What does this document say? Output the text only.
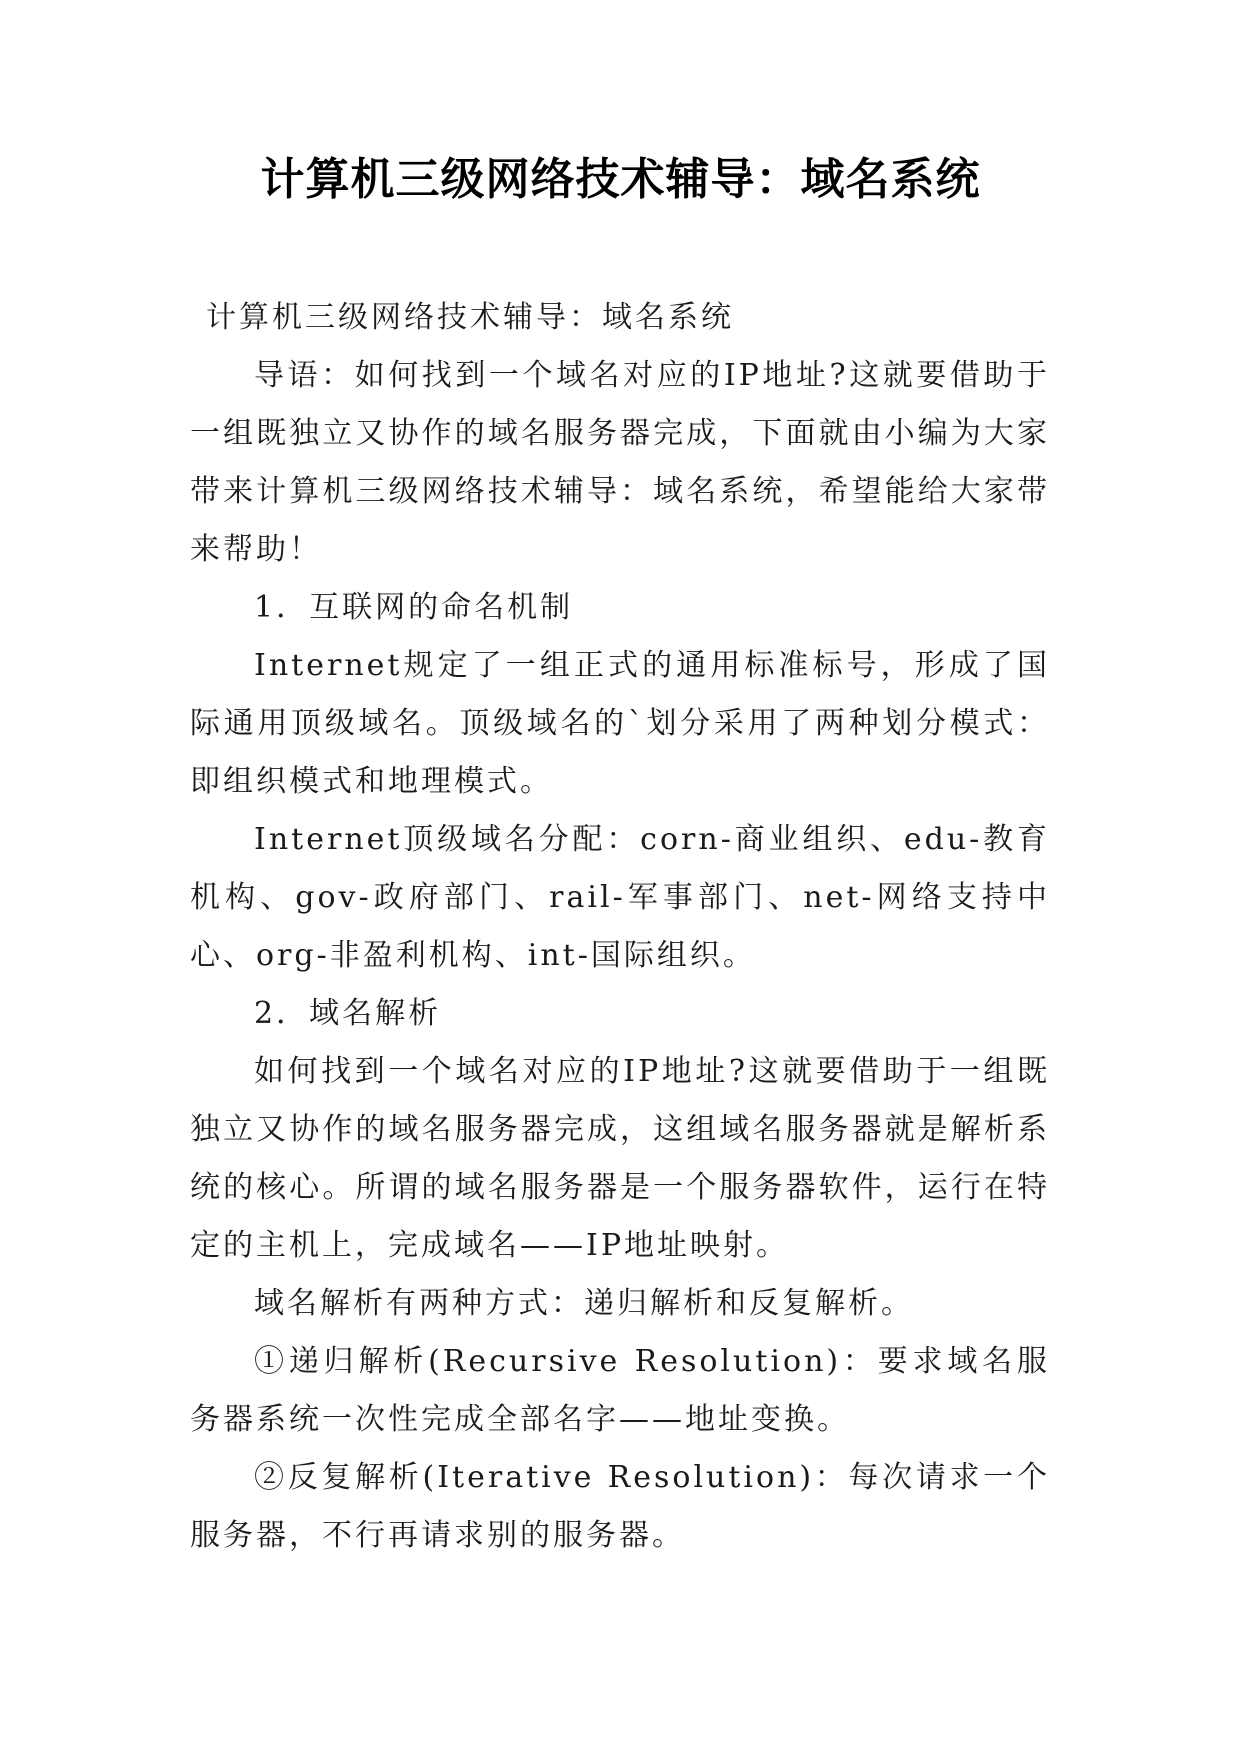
计算机三级网络技术辅导：域名系统

计算机三级网络技术辅导：域名系统

导语：如何找到一个域名对应的IP地址?这就要借助于一组既独立又协作的域名服务器完成，下面就由小编为大家带来计算机三级网络技术辅导：域名系统，希望能给大家带来帮助！

1．互联网的命名机制

Internet规定了一组正式的通用标准标号，形成了国际通用顶级域名。顶级域名的`划分采用了两种划分模式：即组织模式和地理模式。

Internet顶级域名分配：corn-商业组织、edu-教育机构、gov-政府部门、rail-军事部门、net-网络支持中心、org-非盈利机构、int-国际组织。

2．域名解析

如何找到一个域名对应的IP地址?这就要借助于一组既独立又协作的域名服务器完成，这组域名服务器就是解析系统的核心。所谓的域名服务器是一个服务器软件，运行在特定的主机上，完成域名——IP地址映射。

域名解析有两种方式：递归解析和反复解析。

①递归解析(Recursive Resolution)：要求域名服务器系统一次性完成全部名字——地址变换。

②反复解析(Iterative Resolution)：每次请求一个服务器，不行再请求别的服务器。
